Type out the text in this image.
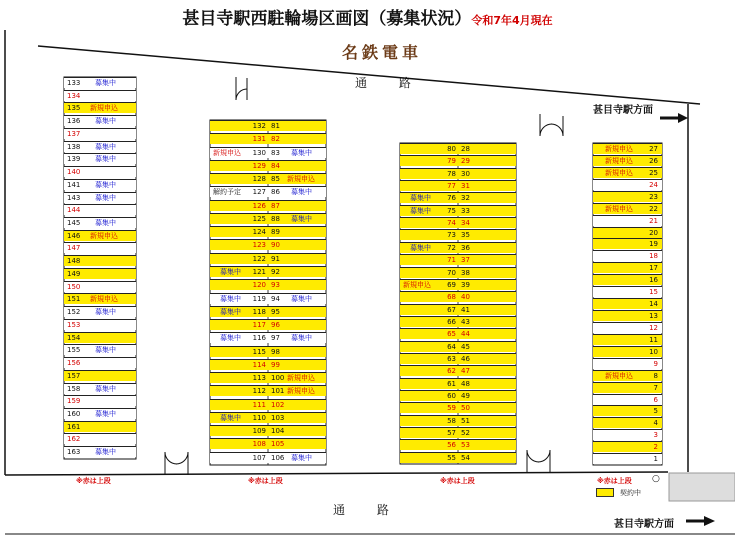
甚目寺駅西駐輪場区画図（募集状況）令和7年4月現在
名鉄電車
通 路
通 路
甚目寺駅方面
甚目寺駅方面
※赤は上段	※赤は上段	※赤は上段	※赤は上段 ○
契約中
133 募集中
134
135 新規申込
136 募集中
137
138 募集中
139 募集中
140
141 募集中
143 募集中
144
145 募集中
146 新規申込
147
148
149
150
151 新規申込
152 募集中
153
154
155 募集中
156
157
158 募集中
159
160 募集中
161
162
163 募集中
132 81
131 82
新規申込	130 83	募集中
129 84
128 85	新規申込
解約予定	127 86	募集中
126 87
125 88	募集中
124 89
123 90
122 91
募集中	121 92
120 93
募集中	119 94	募集中
募集中	118 95
117 96
募集中	116 97	募集中
115 98
114 99
113 100 新規申込
112 101 新規申込
111 102
募集中	110 103
109 104
108 105
107 106 募集中
80 28
79 29
78 30
77 31
募集中	76 32
募集中	75 33
74 34
73 35
募集中	72 36
71 37
70 38
新規申込	69 39
68 40
67 41
66 43
65 44
64 45
63 46
62 47
61 48
60 49
59 50
58 51
57 52
56 53
55 54
新規申込 27
新規申込 26
新規申込 25
24
23
新規申込 22
21
20
19
18
17
16
15
14
13
12
11
10
9
新規申込	8
7
6
5
4
3
2
1
